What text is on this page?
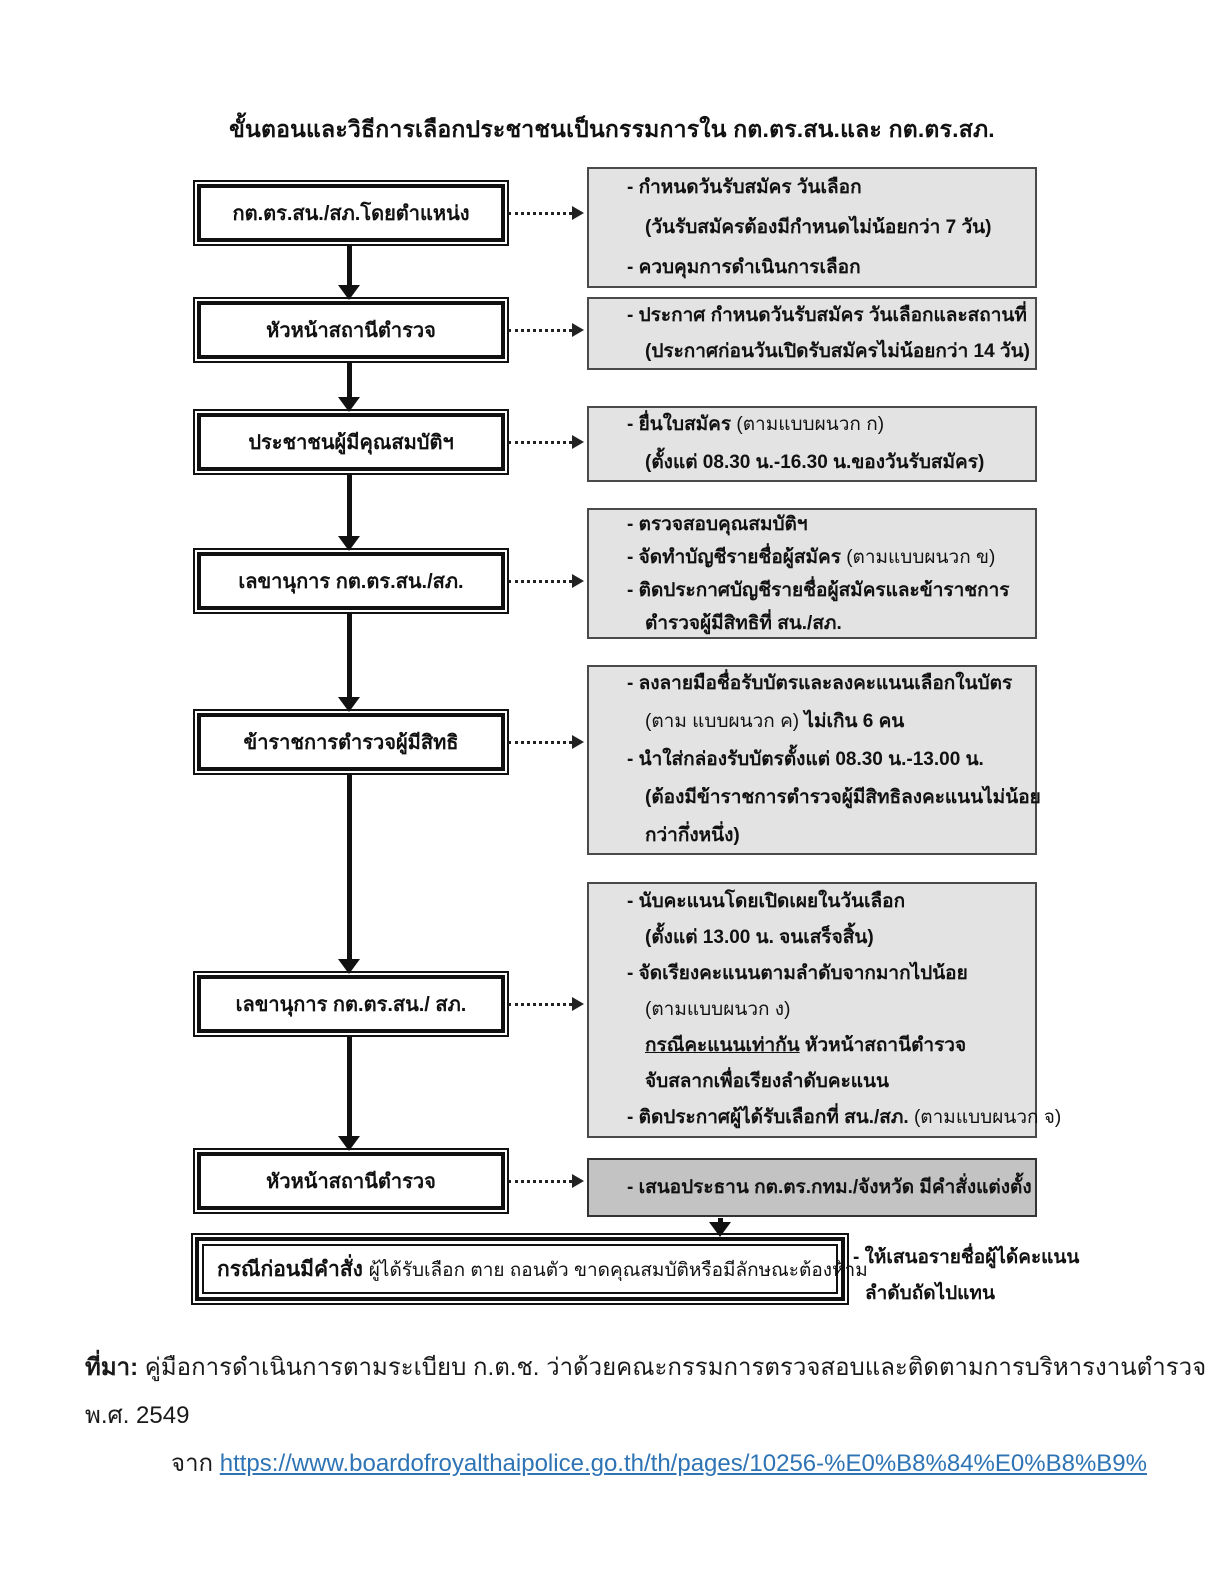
ขั้นตอนและวิธีการเลือกประชาชนเป็นกรรมการใน กต.ตร.สน.และ กต.ตร.สภ.
กต.ตร.สน./สภ.โดยตำแหน่ง
หัวหน้าสถานีตำรวจ
ประชาชนผู้มีคุณสมบัติฯ
เลขานุการ กต.ตร.สน./สภ.
ข้าราชการตำรวจผู้มีสิทธิ
เลขานุการ กต.ตร.สน./ สภ.
หัวหน้าสถานีตำรวจ
- กำหนดวันรับสมัคร วันเลือก
(วันรับสมัครต้องมีกำหนดไม่น้อยกว่า 7 วัน)
- ควบคุมการดำเนินการเลือก
- ประกาศ กำหนดวันรับสมัคร วันเลือกและสถานที่
(ประกาศก่อนวันเปิดรับสมัครไม่น้อยกว่า 14 วัน)
- ยื่นใบสมัคร (ตามแบบผนวก ก)
(ตั้งแต่ 08.30 น.-16.30 น.ของวันรับสมัคร)
- ตรวจสอบคุณสมบัติฯ
- จัดทำบัญชีรายชื่อผู้สมัคร (ตามแบบผนวก ข)
- ติดประกาศบัญชีรายชื่อผู้สมัครและข้าราชการ
ตำรวจผู้มีสิทธิที่ สน./สภ.
- ลงลายมือชื่อรับบัตรและลงคะแนนเลือกในบัตร
(ตาม แบบผนวก ค) ไม่เกิน 6 คน
- นำใส่กล่องรับบัตรตั้งแต่ 08.30 น.-13.00 น.
(ต้องมีข้าราชการตำรวจผู้มีสิทธิลงคะแนนไม่น้อย
กว่ากึ่งหนึ่ง)
- นับคะแนนโดยเปิดเผยในวันเลือก
(ตั้งแต่ 13.00 น. จนเสร็จสิ้น)
- จัดเรียงคะแนนตามลำดับจากมากไปน้อย
(ตามแบบผนวก ง)
กรณีคะแนนเท่ากัน หัวหน้าสถานีตำรวจ
จับสลากเพื่อเรียงลำดับคะแนน
- ติดประกาศผู้ได้รับเลือกที่ สน./สภ. (ตามแบบผนวก จ)
- เสนอประธาน กต.ตร.กทม./จังหวัด มีคำสั่งแต่งตั้ง
กรณีก่อนมีคำสั่ง ผู้ได้รับเลือก ตาย ถอนตัว ขาดคุณสมบัติหรือมีลักษณะต้องห้าม
- ให้เสนอรายชื่อผู้ได้คะแนน
ลำดับถัดไปแทน
ที่มา: คู่มือการดำเนินการตามระเบียบ ก.ต.ช. ว่าด้วยคณะกรรมการตรวจสอบและติดตามการบริหารงานตำรวจ พ.ศ. 2549
จาก https://www.boardofroyalthaipolice.go.th/th/pages/10256-%E0%B8%84%E0%B8%B9%
